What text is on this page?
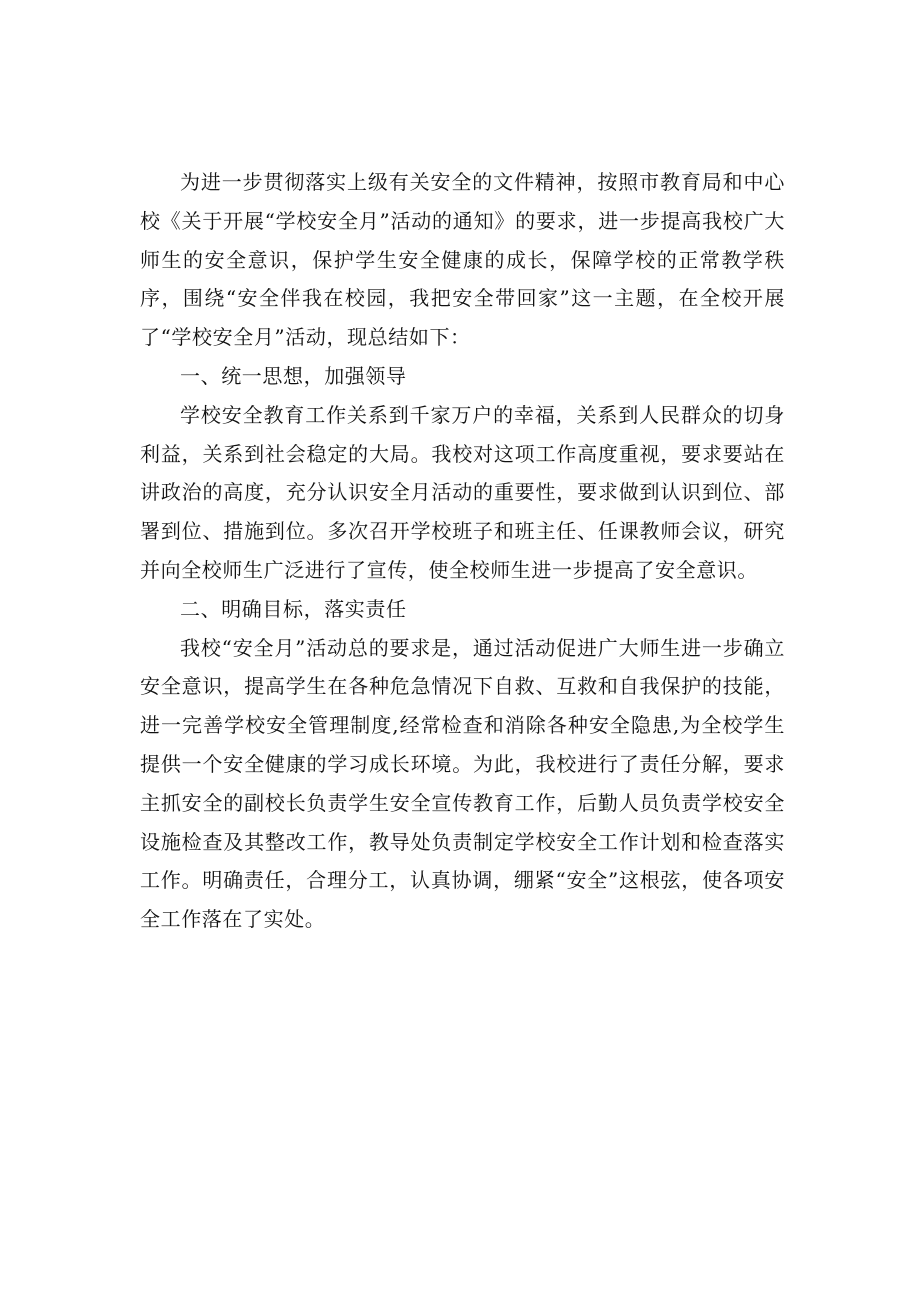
为进一步贯彻落实上级有关安全的文件精神，按照市教育局和中心校《关于开展“学校安全月”活动的通知》的要求，进一步提高我校广大师生的安全意识，保护学生安全健康的成长，保障学校的正常教学秩序，围绕“安全伴我在校园，我把安全带回家”这一主题，在全校开展了“学校安全月”活动，现总结如下：

一、统一思想，加强领导

学校安全教育工作关系到千家万户的幸福，关系到人民群众的切身利益，关系到社会稳定的大局。我校对这项工作高度重视，要求要站在讲政治的高度，充分认识安全月活动的重要性，要求做到认识到位、部署到位、措施到位。多次召开学校班子和班主任、任课教师会议，研究并向全校师生广泛进行了宣传，使全校师生进一步提高了安全意识。

二、明确目标，落实责任

我校“安全月”活动总的要求是，通过活动促进广大师生进一步确立安全意识，提高学生在各种危急情况下自救、互救和自我保护的技能，进一完善学校安全管理制度,经常检查和消除各种安全隐患,为全校学生提供一个安全健康的学习成长环境。为此，我校进行了责任分解，要求主抓安全的副校长负责学生安全宣传教育工作，后勤人员负责学校安全设施检查及其整改工作，教导处负责制定学校安全工作计划和检查落实工作。明确责任，合理分工，认真协调，绷紧“安全”这根弦，使各项安全工作落在了实处。
